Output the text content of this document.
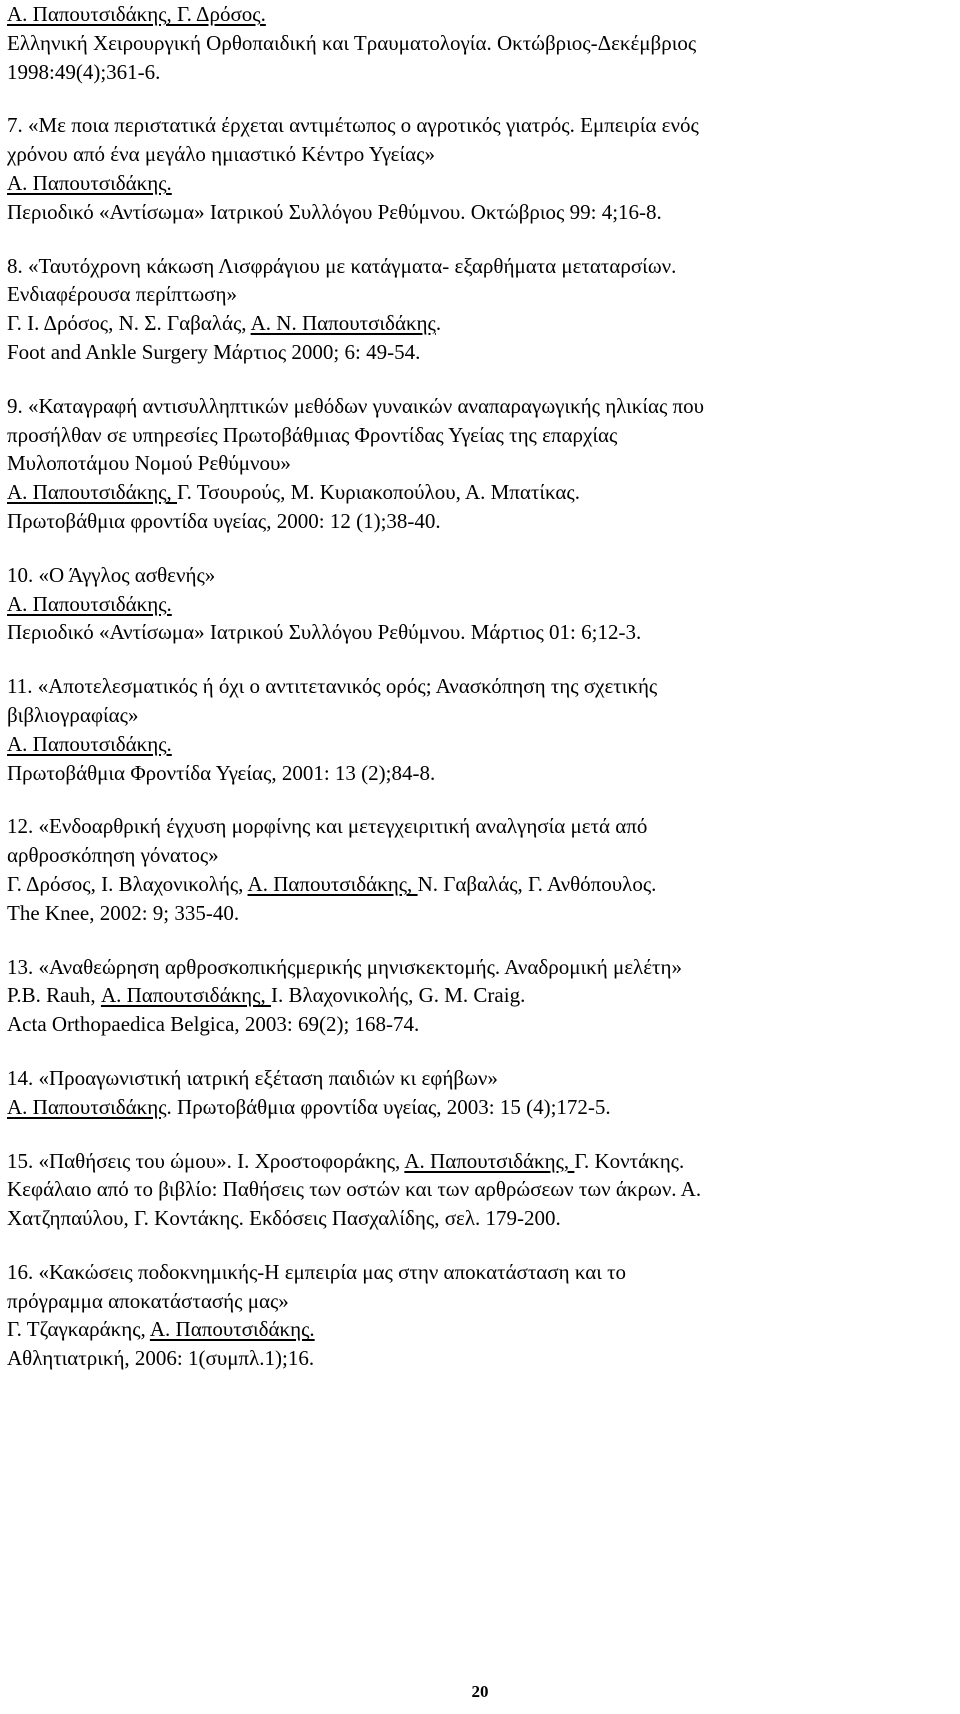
Α. Παπουτσιδάκης, Γ. Δρόσος.
Ελληνική Χειρουργική Ορθοπαιδική και Τραυματολογία. Οκτώβριος-Δεκέμβριος
1998:49(4);361-6.
7. «Με ποια περιστατικά έρχεται αντιμέτωπος ο αγροτικός γιατρός. Εμπειρία ενός
χρόνου από ένα μεγάλο ημιαστικό Κέντρο Υγείας»
Α. Παπουτσιδάκης.
Περιοδικό «Αντίσωμα» Ιατρικού Συλλόγου Ρεθύμνου. Οκτώβριος 99: 4;16-8.
8. «Ταυτόχρονη κάκωση Λισφράγιου με κατάγματα- εξαρθήματα μεταταρσίων.
Ενδιαφέρουσα περίπτωση»
Γ. Ι. Δρόσος, Ν. Σ. Γαβαλάς, Α. Ν. Παπουτσιδάκης.
Foot and Ankle Surgery Μάρτιος 2000; 6: 49-54.
9. «Καταγραφή αντισυλληπτικών μεθόδων γυναικών αναπαραγωγικής ηλικίας που
προσήλθαν σε υπηρεσίες Πρωτοβάθμιας Φροντίδας Υγείας της επαρχίας
Μυλοποτάμου Νομού Ρεθύμνου»
Α. Παπουτσιδάκης, Γ. Τσουρούς, Μ. Κυριακοπούλου, Α. Μπατίκας.
Πρωτοβάθμια φροντίδα υγείας, 2000: 12 (1);38-40.
10. «Ο Άγγλος ασθενής»
Α. Παπουτσιδάκης.
Περιοδικό «Αντίσωμα» Ιατρικού Συλλόγου Ρεθύμνου. Μάρτιος 01: 6;12-3.
11. «Αποτελεσματικός ή όχι ο αντιτετανικός ορός; Ανασκόπηση της σχετικής
βιβλιογραφίας»
Α. Παπουτσιδάκης.
Πρωτοβάθμια Φροντίδα Υγείας, 2001: 13 (2);84-8.
12. «Ενδοαρθρική έγχυση μορφίνης και μετεγχειριτική αναλγησία μετά από
αρθροσκόπηση γόνατος»
Γ. Δρόσος, Ι. Βλαχονικολής, Α. Παπουτσιδάκης, Ν. Γαβαλάς, Γ. Ανθόπουλος.
The Knee, 2002: 9; 335-40.
13. «Αναθεώρηση αρθροσκοπικήςμερικής μηνισκεκτομής. Αναδρομική μελέτη»
P.B. Rauh, Α. Παπουτσιδάκης, Ι. Βλαχονικολής, G. M. Craig.
Acta Orthopaedica Belgica, 2003: 69(2); 168-74.
14. «Προαγωνιστική ιατρική εξέταση παιδιών κι εφήβων»
Α. Παπουτσιδάκης. Πρωτοβάθμια φροντίδα υγείας, 2003: 15 (4);172-5.
15. «Παθήσεις του ώμου». Ι. Χροστοφοράκης, Α. Παπουτσιδάκης, Γ. Κοντάκης.
Κεφάλαιο από το βιβλίο: Παθήσεις των οστών και των αρθρώσεων των άκρων. Α.
Χατζηπαύλου, Γ. Κοντάκης. Εκδόσεις Πασχαλίδης, σελ. 179-200.
16. «Κακώσεις ποδοκνημικής-Η εμπειρία μας στην αποκατάσταση και το
πρόγραμμα αποκατάστασής μας»
Γ. Τζαγκαράκης, Α. Παπουτσιδάκης.
Αθλητιατρική, 2006: 1(συμπλ.1);16.
20
